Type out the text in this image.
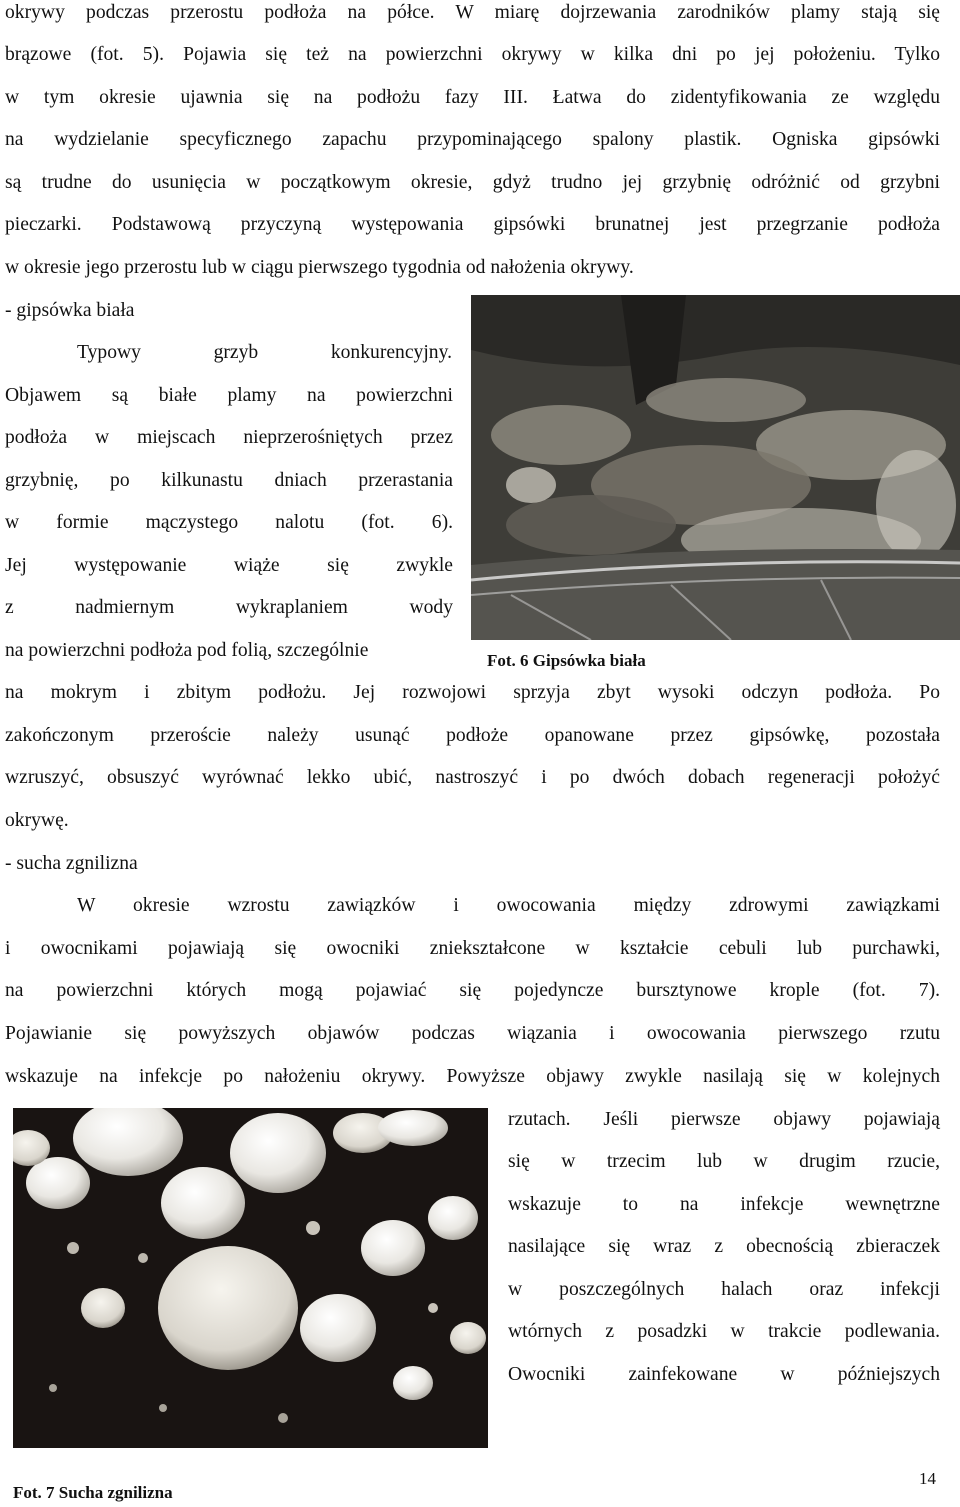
okrywy podczas przerostu podłoża na półce. W miarę dojrzewania zarodników plamy stają się
brązowe (fot. 5). Pojawia się też na powierzchni okrywy w kilka dni po jej położeniu. Tylko
w tym okresie ujawnia się na podłożu fazy III. Łatwa do zidentyfikowania ze względu
na wydzielanie specyficznego zapachu przypominającego spalony plastik. Ogniska gipsówki
są trudne do usunięcia w początkowym okresie, gdyż trudno jej grzybnię odróżnić od grzybni
pieczarki. Podstawową przyczyną występowania gipsówki brunatnej jest przegrzanie podłoża
w okresie jego przerostu lub w ciągu pierwszego tygodnia od nałożenia okrywy.
- gipsówka biała
Typowy grzyb konkurencyjny.
Objawem są białe plamy na powierzchni
podłoża w miejscach nieprzerośniętych przez
grzybnię, po kilkunastu dniach przerastania
w formie mączystego nalotu (fot. 6).
Jej występowanie wiąże się zwykle
z nadmiernym wykraplaniem wody
na powierzchni podłoża pod folią, szczególnie	Fot. 6 Gipsówka biała
na mokrym i zbitym podłożu. Jej rozwojowi sprzyja zbyt wysoki odczyn podłoża. Po
zakończonym przeroście należy usunąć podłoże opanowane przez gipsówkę, pozostała
wzruszyć, obsuszyć wyrównać lekko ubić, nastroszyć i po dwóch dobach regeneracji położyć
okrywę.
- sucha zgnilizna
W okresie wzrostu zawiązków i owocowania między zdrowymi zawiązkami
i owocnikami pojawiają się owocniki zniekształcone w kształcie cebuli lub purchawki,
na powierzchni których mogą pojawiać się pojedyncze bursztynowe krople (fot. 7).
Pojawianie się powyższych objawów podczas wiązania i owocowania pierwszego rzutu
wskazuje na infekcje po nałożeniu okrywy. Powyższe objawy zwykle nasilają się w kolejnych
rzutach. Jeśli pierwsze objawy pojawiają
się w trzecim lub w drugim rzucie,
wskazuje to na infekcje wewnętrzne
nasilające się wraz z obecnością zbieraczek
w poszczególnych halach oraz infekcji
wtórnych z posadzki w trakcie podlewania.
Owocniki zainfekowane w późniejszych
Fot. 7 Sucha zgnilizna
14
